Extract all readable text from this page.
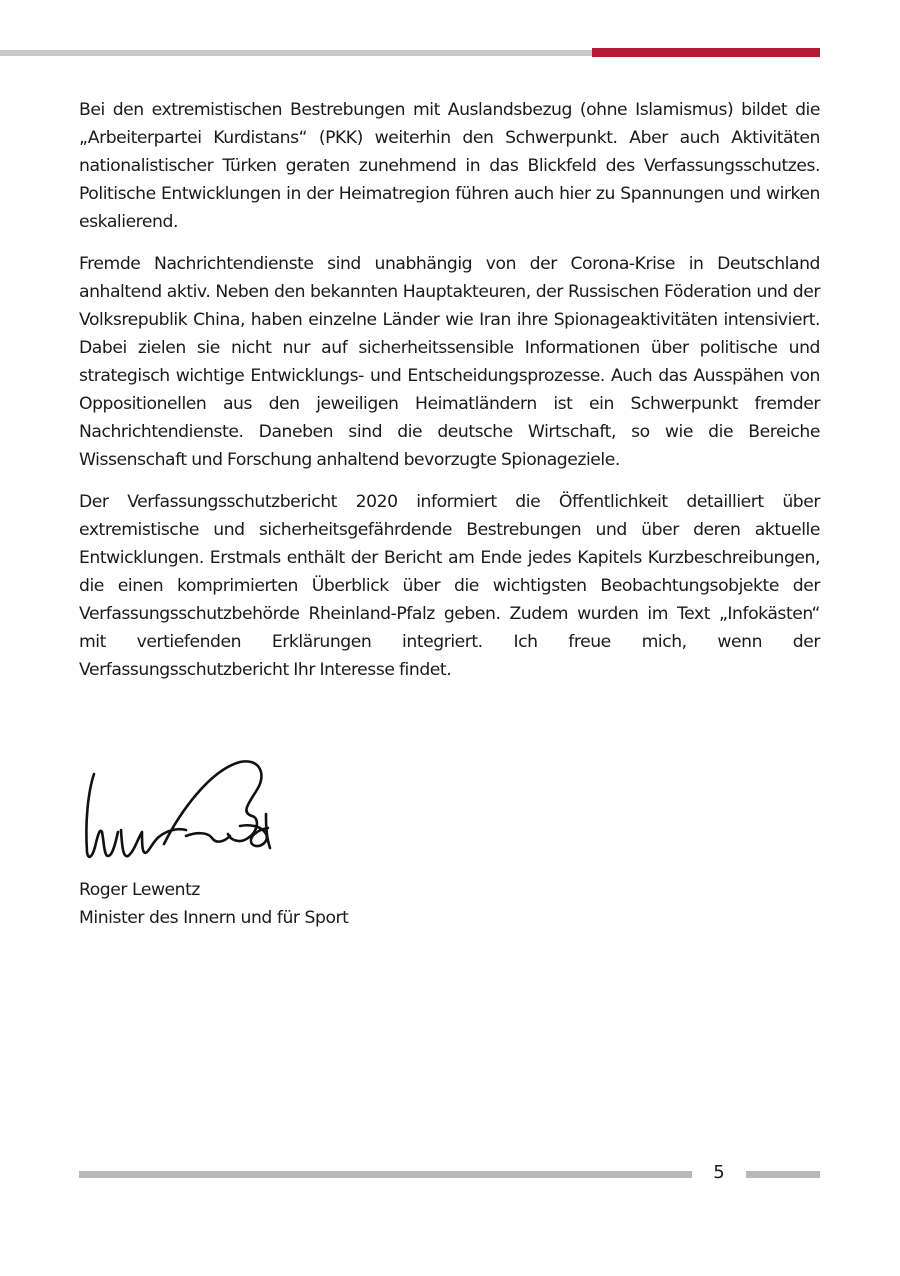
Bei den extremistischen Bestrebungen mit Auslandsbezug (ohne Islamismus) bildet die „Arbeiterpartei Kurdistans“ (PKK) weiterhin den Schwerpunkt. Aber auch Aktivitäten nationalistischer Türken geraten zunehmend in das Blickfeld des Verfassungsschutzes. Politische Entwicklungen in der Heimatregion führen auch hier zu Spannungen und wirken eskalierend.

Fremde Nachrichtendienste sind unabhängig von der Corona-Krise in Deutschland anhaltend aktiv. Neben den bekannten Hauptakteuren, der Russischen Föderation und der Volksrepublik China, haben einzelne Länder wie Iran ihre Spionageaktivitäten intensiviert. Dabei zielen sie nicht nur auf sicherheitssensible Informationen über politische und strategisch wichtige Entwicklungs- und Entscheidungsprozesse. Auch das Ausspähen von Oppositionellen aus den jeweiligen Heimatländern ist ein Schwerpunkt fremder Nachrichtendienste. Daneben sind die deutsche Wirtschaft, so wie die Bereiche Wissenschaft und Forschung anhaltend bevorzugte Spionageziele.

Der Verfassungsschutzbericht 2020 informiert die Öffentlichkeit detailliert über extremistische und sicherheitsgefährdende Bestrebungen und über deren aktuelle Entwicklungen. Erstmals enthält der Bericht am Ende jedes Kapitels Kurzbeschreibungen, die einen komprimierten Überblick über die wichtigsten Beobachtungsobjekte der Verfassungsschutzbehörde Rheinland-Pfalz geben. Zudem wurden im Text „Infokästen“ mit vertiefenden Erklärungen integriert. Ich freue mich, wenn der Verfassungsschutzbericht Ihr Interesse findet.

Roger Lewentz

Minister des Innern und für Sport

5
